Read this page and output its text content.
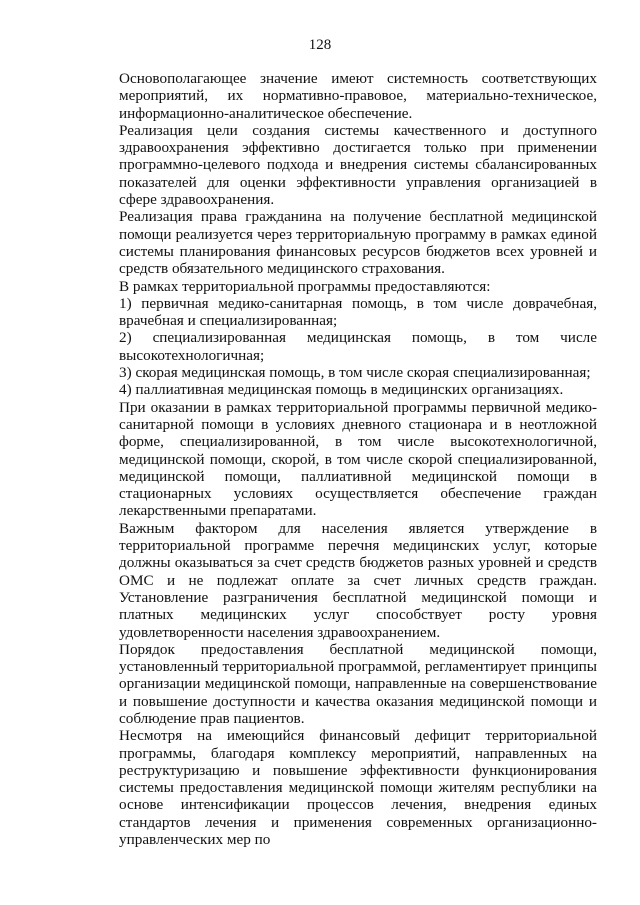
128

Основополагающее значение имеют системность соответствующих мероприятий, их нормативно-правовое, материально-техническое, информационно-аналитическое обеспечение.

Реализация цели создания системы качественного и доступного здравоохранения эффективно достигается только при применении программно-целевого подхода и внедрения системы сбалансированных показателей для оценки эффективности управления организацией в сфере здравоохранения.

Реализация права гражданина на получение бесплатной медицинской помощи реализуется через территориальную программу в рамках единой системы планирования финансовых ресурсов бюджетов всех уровней и средств обязательного медицинского страхования.

В рамках территориальной программы предоставляются:

1) первичная медико-санитарная помощь, в том числе доврачебная, врачебная и специализированная;

2) специализированная медицинская помощь, в том числе высокотехнологичная;

3) скорая медицинская помощь, в том числе скорая специализированная;

4) паллиативная медицинская помощь в медицинских организациях.

При оказании в рамках территориальной программы первичной медико-санитарной помощи в условиях дневного стационара и в неотложной форме, специализированной, в том числе высокотехнологичной, медицинской помощи, скорой, в том числе скорой специализированной, медицинской помощи, паллиативной медицинской помощи в стационарных условиях осуществляется обеспечение граждан лекарственными препаратами.

Важным фактором для населения является утверждение в территориальной программе перечня медицинских услуг, которые должны оказываться за счет средств бюджетов разных уровней и средств ОМС и не подлежат оплате за счет личных средств граждан. Установление разграничения бесплатной медицинской помощи и платных медицинских услуг способствует росту уровня удовлетворенности населения здравоохранением.

Порядок предоставления бесплатной медицинской помощи, установленный территориальной программой, регламентирует принципы организации медицинской помощи, направленные на совершенствование и повышение доступности и качества оказания медицинской помощи и соблюдение прав пациентов.

Несмотря на имеющийся финансовый дефицит территориальной программы, благодаря комплексу мероприятий, направленных на реструктуризацию и повышение эффективности функционирования системы предоставления медицинской помощи жителям республики на основе интенсификации процессов лечения, внедрения единых стандартов лечения и применения современных организационно-управленческих мер по
